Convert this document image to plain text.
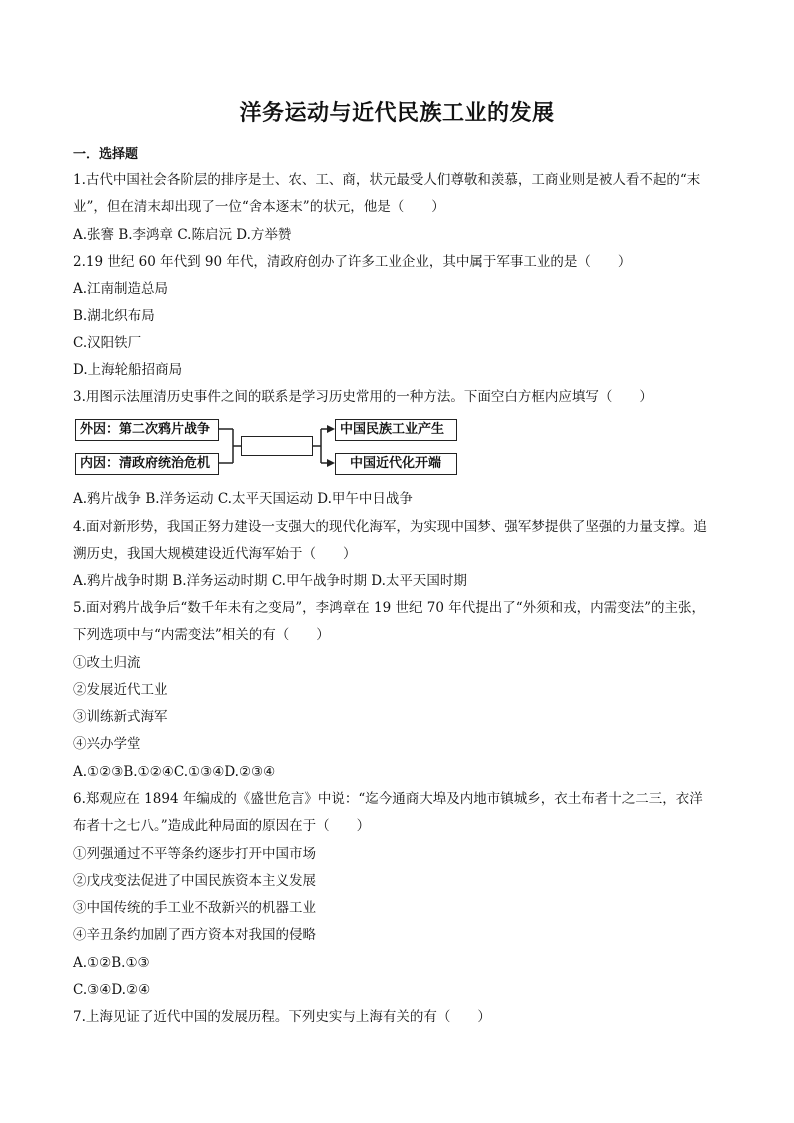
洋务运动与近代民族工业的发展
一．选择题
1.古代中国社会各阶层的排序是士、农、工、商，状元最受人们尊敬和羡慕，工商业则是被人看不起的“末
业”，但在清末却出现了一位“舍本逐末”的状元，他是（　　）
A.张謇 B.李鸿章 C.陈启沅 D.方举赞
2.19 世纪 60 年代到 90 年代，清政府创办了许多工业企业，其中属于军事工业的是（　　）
A.江南制造总局
B.湖北织布局
C.汉阳铁厂
D.上海轮船招商局
3.用图示法厘清历史事件之间的联系是学习历史常用的一种方法。下面空白方框内应填写（　　）
外因：第二次鸦片战争
内因：清政府统治危机
中国民族工业产生
中国近代化开端
A.鸦片战争 B.洋务运动 C.太平天国运动 D.甲午中日战争
4.面对新形势，我国正努力建设一支强大的现代化海军，为实现中国梦、强军梦提供了坚强的力量支撑。追
溯历史，我国大规模建设近代海军始于（　　）
A.鸦片战争时期 B.洋务运动时期 C.甲午战争时期 D.太平天国时期
5.面对鸦片战争后“数千年未有之变局”，李鸿章在 19 世纪 70 年代提出了“外须和戎，内需变法”的主张，
下列选项中与“内需变法”相关的有（　　）
①改土归流
②发展近代工业
③训练新式海军
④兴办学堂
A.①②③B.①②④C.①③④D.②③④
6.郑观应在 1894 年编成的《盛世危言》中说：“迄今通商大埠及内地市镇城乡，衣土布者十之二三，衣洋
布者十之七八。”造成此种局面的原因在于（　　）
①列强通过不平等条约逐步打开中国市场
②戊戌变法促进了中国民族资本主义发展
③中国传统的手工业不敌新兴的机器工业
④辛丑条约加剧了西方资本对我国的侵略
A.①②B.①③
C.③④D.②④
7.上海见证了近代中国的发展历程。下列史实与上海有关的有（　　）
